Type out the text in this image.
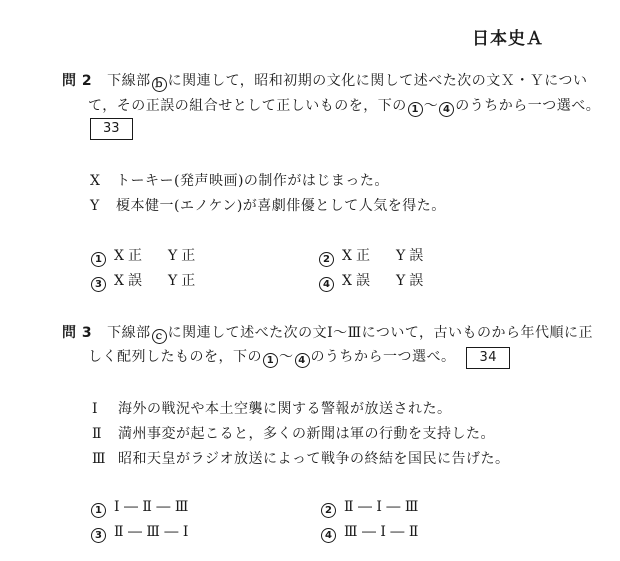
日本史Ａ
問 2 下線部 ｂ に関連して，昭和初期の文化に関して述べた次の文Ｘ・Ｙについ
て，その正誤の組合せとして正しいものを，下の 1 ～ 4 のうちから一つ選べ。
33
X トーキー(発声映画)の制作がはじまった。
Y 榎本健一(エノケン)が喜劇俳優として人気を得た。
1 X 正 Y 正	2 X 正 Y 誤
3 X 誤 Y 正	4 X 誤 Y 誤
問 3 下線部 ｃ に関連して述べた次の文Ⅰ～Ⅲについて，古いものから年代順に正
しく配列したものを，下の 1 ～ 4 のうちから一つ選べ。 34
Ⅰ 海外の戦況や本土空襲に関する警報が放送された。
Ⅱ 満州事変が起こると，多くの新聞は軍の行動を支持した。
Ⅲ 昭和天皇がラジオ放送によって戦争の終結を国民に告げた。
1 Ⅰ ― Ⅱ ― Ⅲ	2 Ⅱ ― Ⅰ ― Ⅲ
3 Ⅱ ― Ⅲ ― Ⅰ	4 Ⅲ ― Ⅰ ― Ⅱ
